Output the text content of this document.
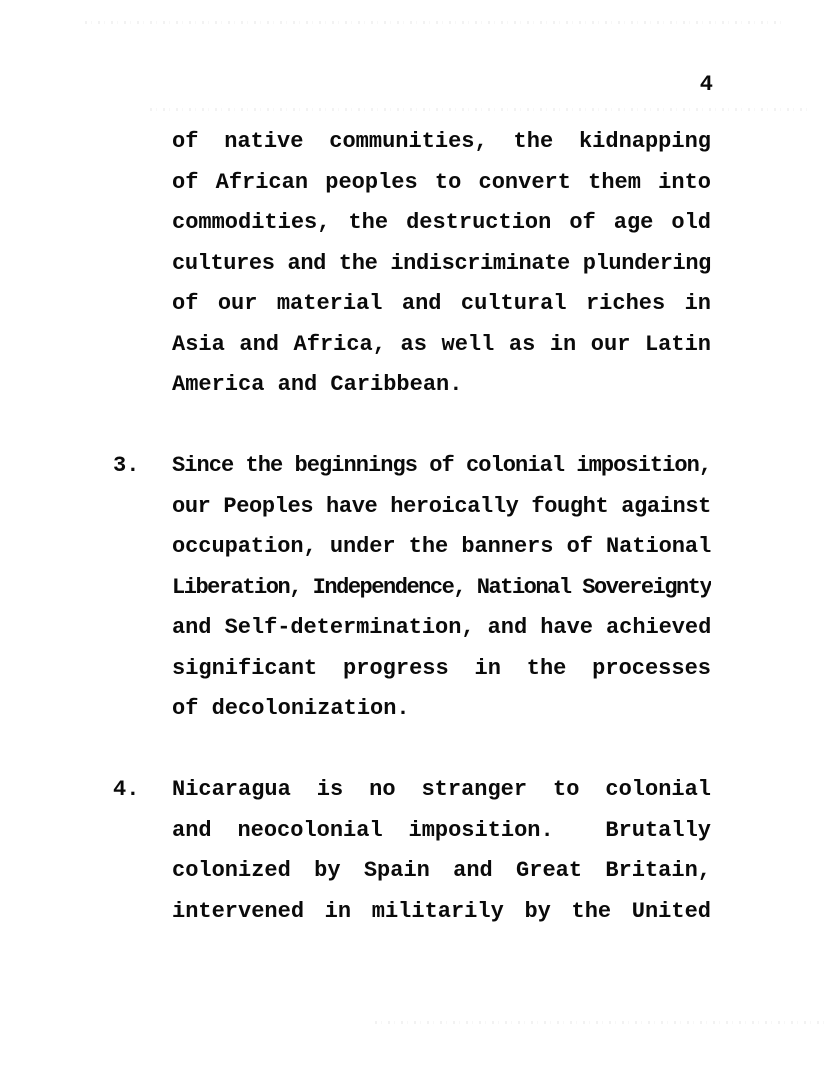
4
of native communities, the kidnapping
of African peoples to convert them into
commodities, the destruction of age old
cultures and the indiscriminate plundering
of our material and cultural riches in
Asia and Africa, as well as in our Latin
America and Caribbean.
3.	Since the beginnings of colonial imposition,
our Peoples have heroically fought against
occupation, under the banners of National
Liberation, Independence, National Sovereignty
and Self-determination, and have achieved
significant progress in the processes
of decolonization.
4.	Nicaragua is no stranger to colonial
and neocolonial imposition.  Brutally
colonized by Spain and Great Britain,
intervened in militarily by the United
